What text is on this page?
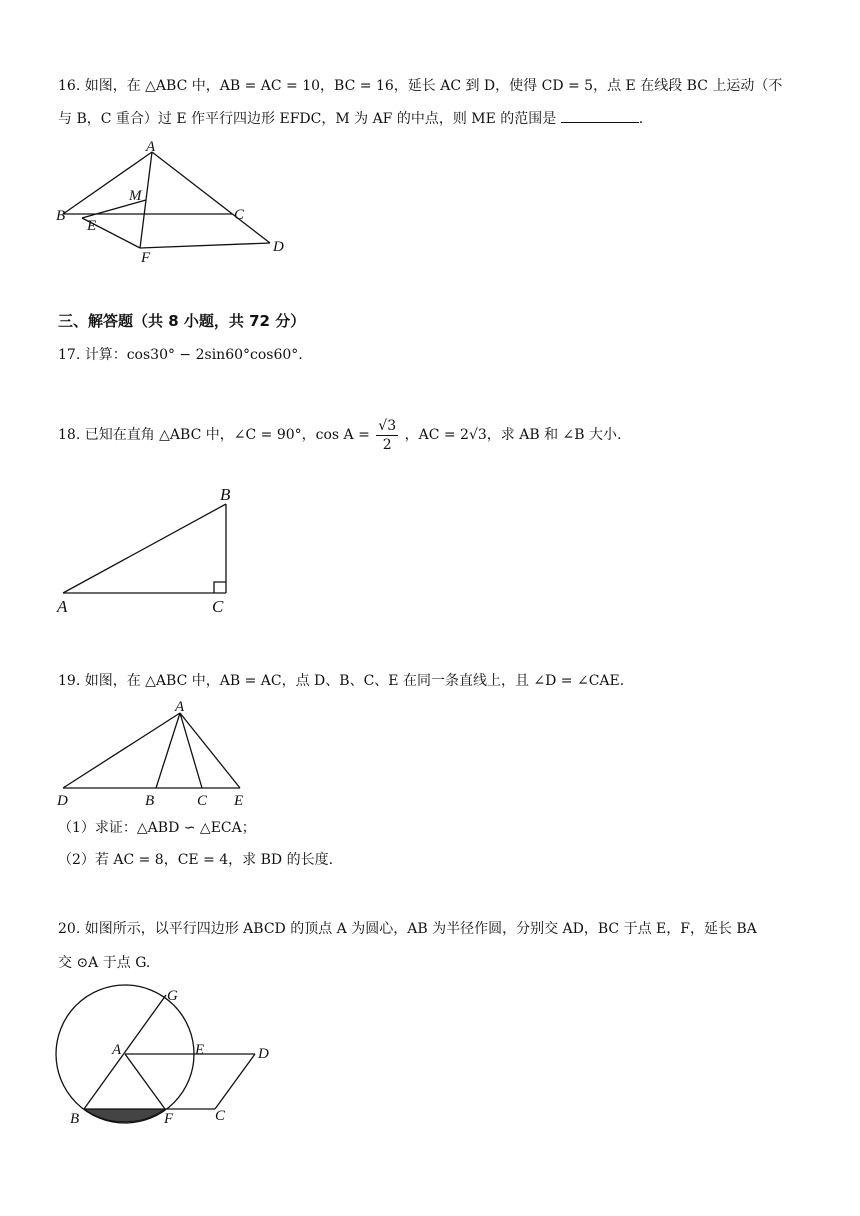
16. 如图，在 △ABC 中，AB = AC = 10，BC = 16，延长 AC 到 D，使得 CD = 5，点 E 在线段 BC 上运动（不
与 B，C 重合）过 E 作平行四边形 EFDC，M 为 AF 的中点，则 ME 的范围是	.
A
B	C
D
E
F
M
三、解答题（共 8 小题，共 72 分）
17. 计算：cos30° − 2sin60°cos60°.
18. 已知在直角 △ABC 中，∠C = 90°，$\cos A = \frac{√3}{2}$ ，AC = 2√3，求 AB 和 ∠B 大小.
A
B
C
19. 如图，在 △ABC 中，AB = AC，点 D、B、C、E 在同一条直线上，且 ∠D = ∠CAE.
A
D	B	C E
（1）求证：△ABD ∽ △ECA；
（2）若 AC = 8，CE = 4，求 BD 的长度.
20. 如图所示，以平行四边形 ABCD 的顶点 A 为圆心，AB 为半径作圆，分别交 AD，BC 于点 E，F，延长 BA
交 ⊙A 于点 G.
G
A	E	D
B	F	C
